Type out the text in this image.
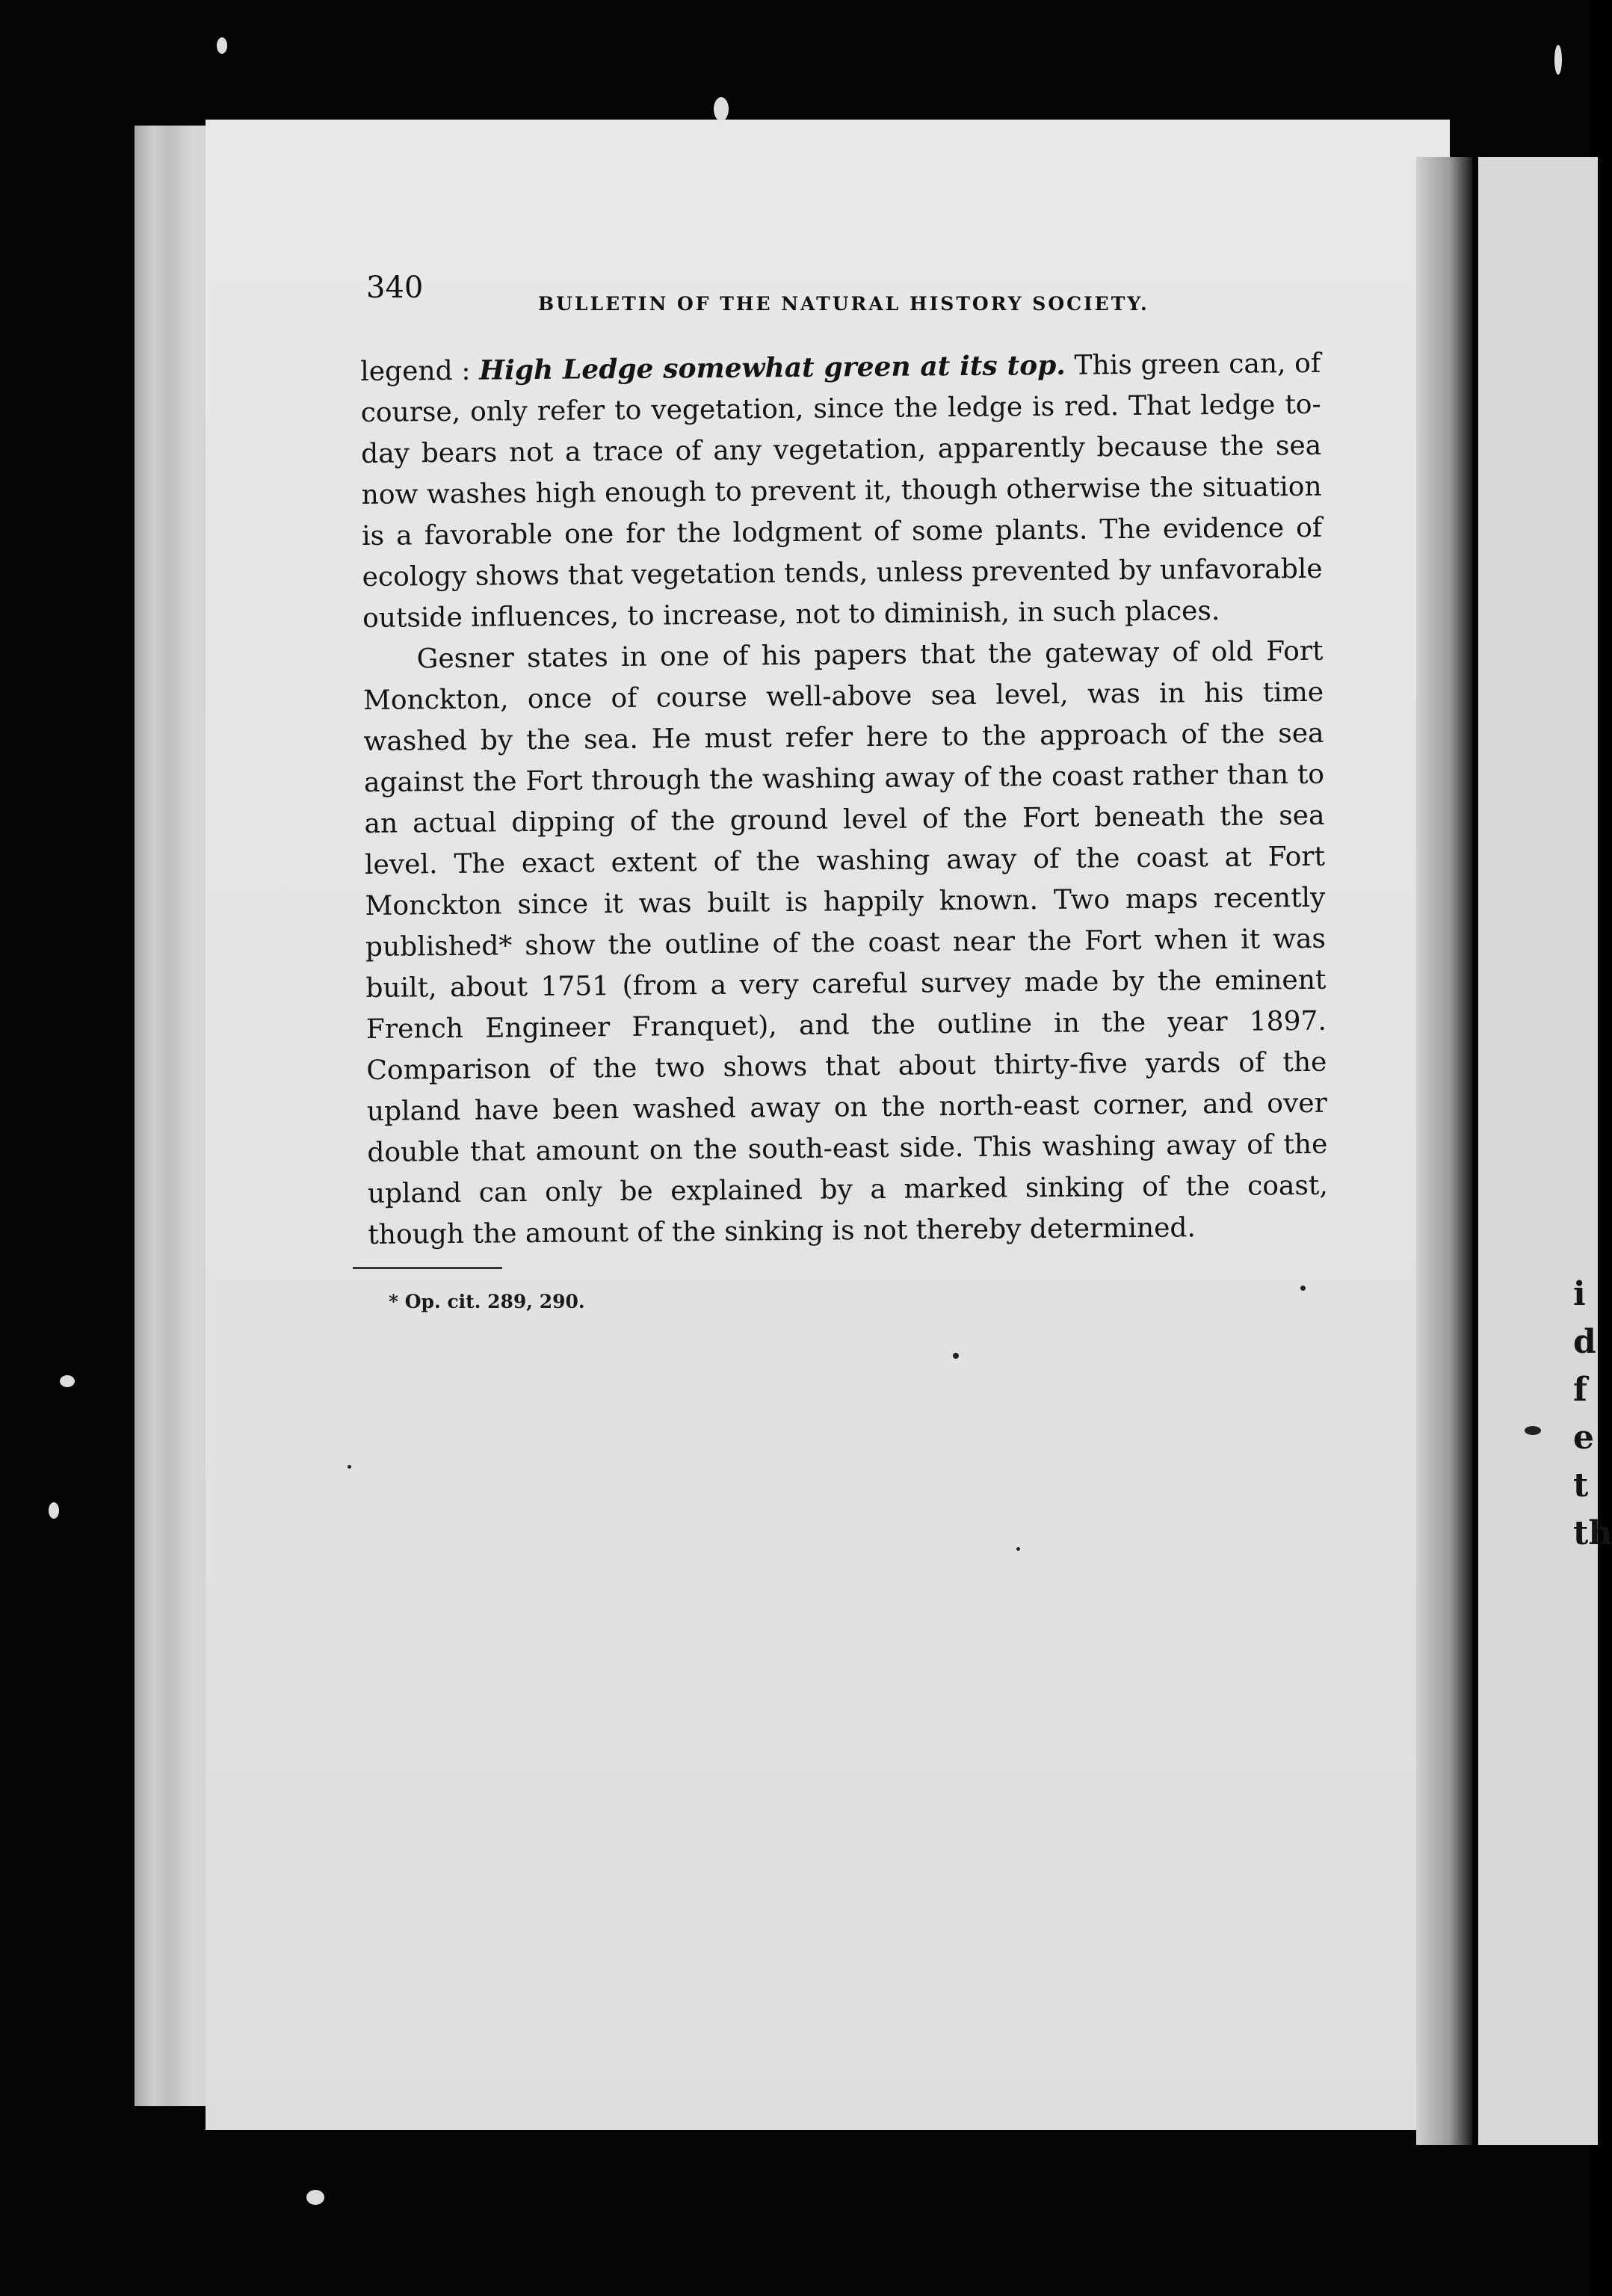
i
d
f
e
t
th
340	BULLETIN OF THE NATURAL HISTORY SOCIETY.

legend : High Ledge somewhat green at its top. This green can, of course, only refer to vegetation, since the ledge is red. That ledge to-day bears not a trace of any vegetation, apparently because the sea now washes high enough to prevent it, though otherwise the situation is a favorable one for the lodgment of some plants. The evidence of ecology shows that vegetation tends, unless prevented by unfavorable outside influences, to increase, not to diminish, in such places.

Gesner states in one of his papers that the gateway of old Fort Monckton, once of course well-above sea level, was in his time washed by the sea. He must refer here to the approach of the sea against the Fort through the washing away of the coast rather than to an actual dipping of the ground level of the Fort beneath the sea level. The exact extent of the washing away of the coast at Fort Monckton since it was built is happily known. Two maps recently published* show the outline of the coast near the Fort when it was built, about 1751 (from a very careful survey made by the eminent French Engineer Franquet), and the outline in the year 1897. Comparison of the two shows that about thirty-five yards of the upland have been washed away on the north-east corner, and over double that amount on the south-east side. This washing away of the upland can only be explained by a marked sinking of the coast, though the amount of the sinking is not thereby determined.

* Op. cit. 289, 290.
